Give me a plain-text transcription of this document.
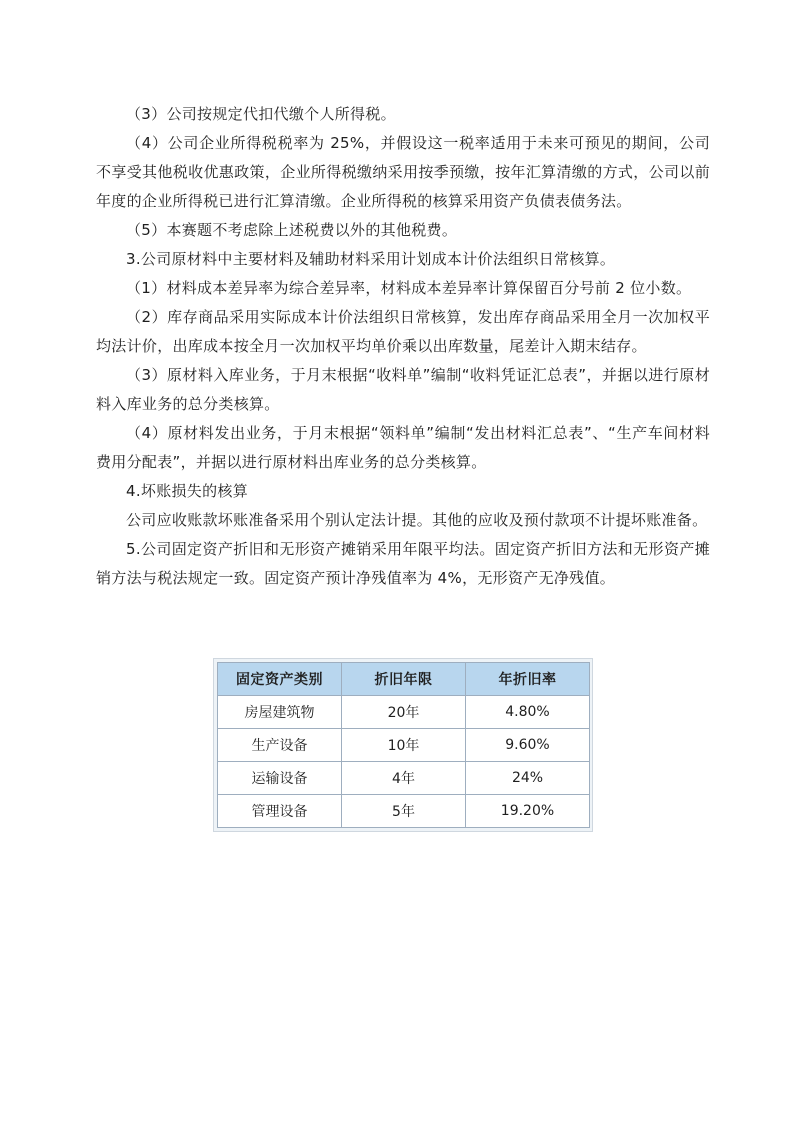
（3）公司按规定代扣代缴个人所得税。

（4）公司企业所得税税率为 25%，并假设这一税率适用于未来可预见的期间，公司不享受其他税收优惠政策，企业所得税缴纳采用按季预缴，按年汇算清缴的方式，公司以前年度的企业所得税已进行汇算清缴。企业所得税的核算采用资产负债表债务法。

（5）本赛题不考虑除上述税费以外的其他税费。

3.公司原材料中主要材料及辅助材料采用计划成本计价法组织日常核算。

（1）材料成本差异率为综合差异率，材料成本差异率计算保留百分号前 2 位小数。

（2）库存商品采用实际成本计价法组织日常核算，发出库存商品采用全月一次加权平均法计价，出库成本按全月一次加权平均单价乘以出库数量，尾差计入期末结存。

（3）原材料入库业务，于月末根据“收料单”编制“收料凭证汇总表”，并据以进行原材料入库业务的总分类核算。

（4）原材料发出业务，于月末根据“领料单”编制“发出材料汇总表”、“生产车间材料费用分配表”，并据以进行原材料出库业务的总分类核算。

4.坏账损失的核算

公司应收账款坏账准备采用个别认定法计提。其他的应收及预付款项不计提坏账准备。

5.公司固定资产折旧和无形资产摊销采用年限平均法。固定资产折旧方法和无形资产摊销方法与税法规定一致。固定资产预计净残值率为 4%，无形资产无净残值。

固定资产类别	折旧年限	年折旧率
房屋建筑物	20年	4.80%
生产设备	10年	9.60%
运输设备	4年	24%
管理设备	5年	19.20%
